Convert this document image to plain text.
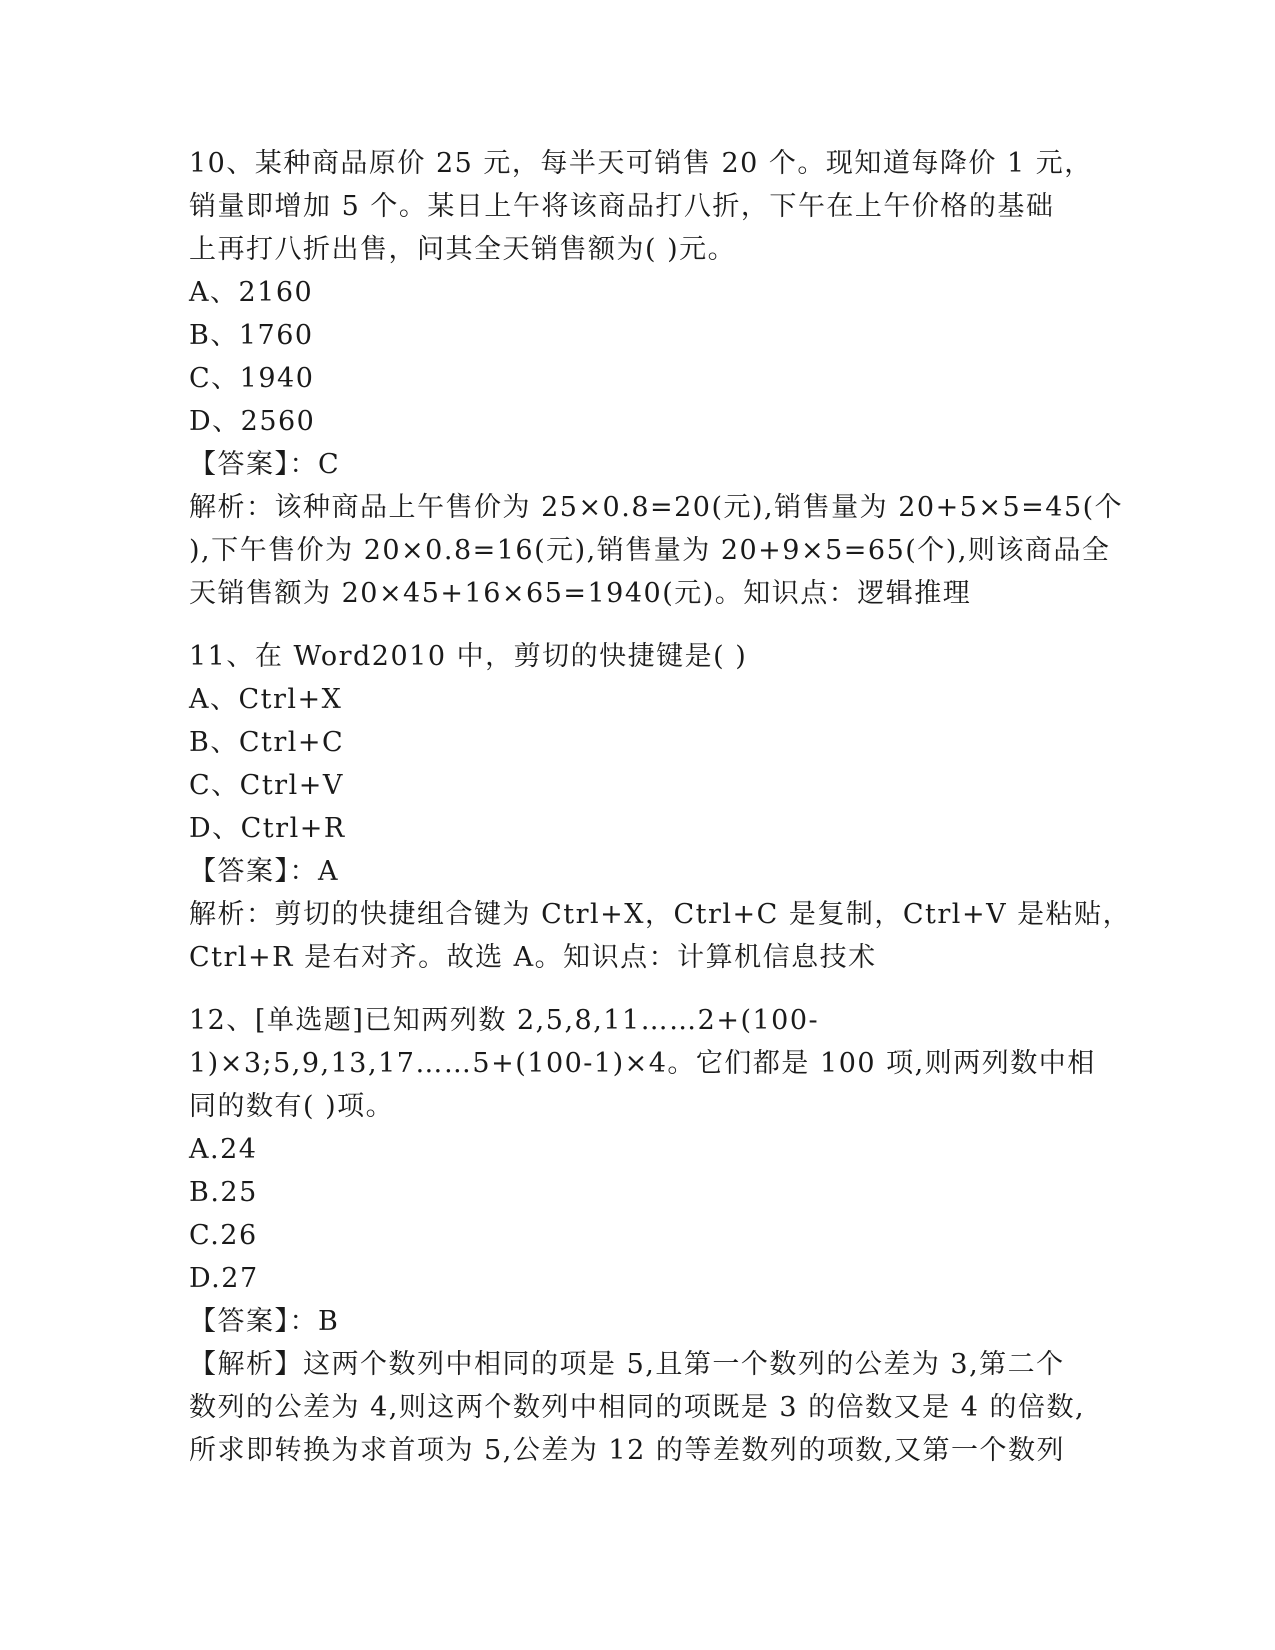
10、某种商品原价 25 元，每半天可销售 20 个。现知道每降价 1 元，
销量即增加 5 个。某日上午将该商品打八折，下午在上午价格的基础
上再打八折出售，问其全天销售额为( )元。
A、2160
B、1760
C、1940
D、2560
【答案】：C
解析：该种商品上午售价为 25×0.8=20(元),销售量为 20+5×5=45(个
),下午售价为 20×0.8=16(元),销售量为 20+9×5=65(个),则该商品全
天销售额为 20×45+16×65=1940(元)。知识点：逻辑推理
11、在 Word2010 中，剪切的快捷键是( )
A、Ctrl+X
B、Ctrl+C
C、Ctrl+V
D、Ctrl+R
【答案】：A
解析：剪切的快捷组合键为 Ctrl+X，Ctrl+C 是复制，Ctrl+V 是粘贴，
Ctrl+R 是右对齐。故选 A。知识点：计算机信息技术
12、[单选题]已知两列数 2,5,8,11……2+(100-
1)×3;5,9,13,17……5+(100-1)×4。它们都是 100 项,则两列数中相
同的数有( )项。
A.24
B.25
C.26
D.27
【答案】：B
【解析】这两个数列中相同的项是 5,且第一个数列的公差为 3,第二个
数列的公差为 4,则这两个数列中相同的项既是 3 的倍数又是 4 的倍数,
所求即转换为求首项为 5,公差为 12 的等差数列的项数,又第一个数列
